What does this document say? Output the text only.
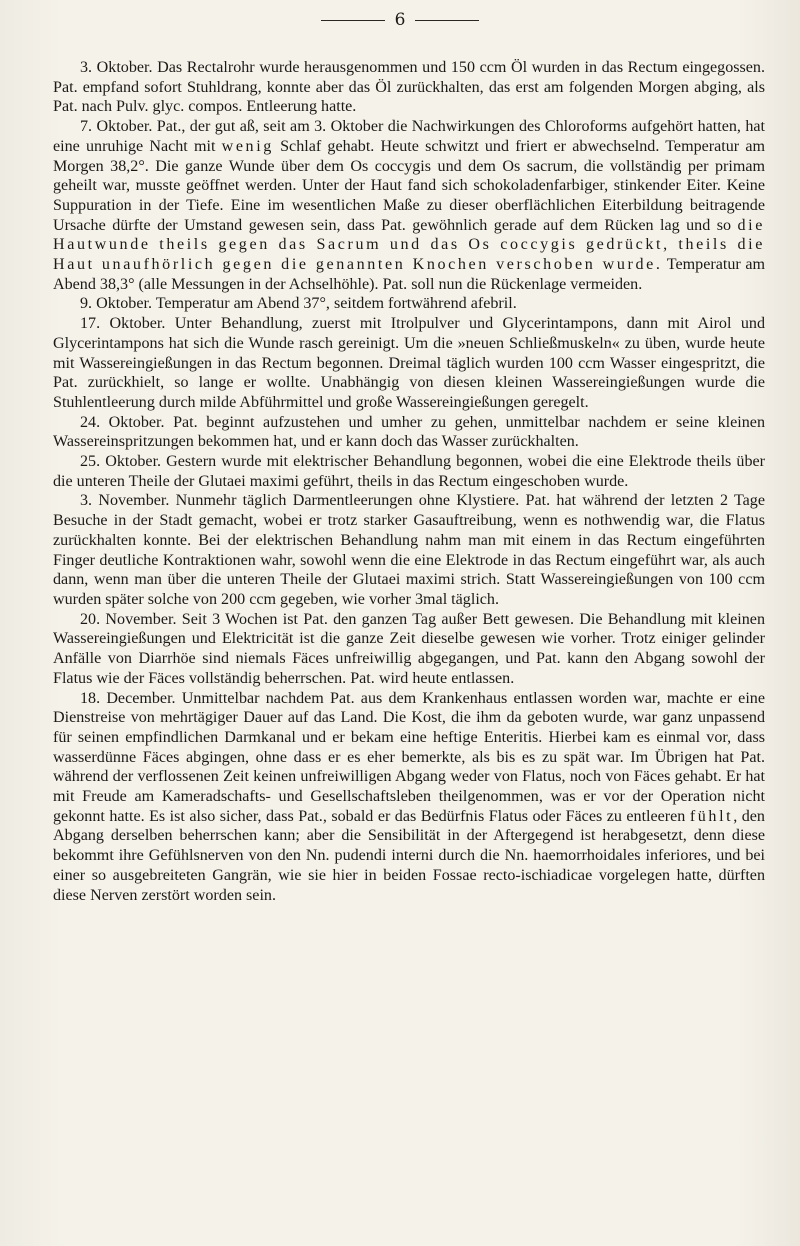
6

3. Oktober. Das Rectalrohr wurde herausgenommen und 150 ccm Öl wurden in das Rectum eingegossen. Pat. empfand sofort Stuhldrang, konnte aber das Öl zurückhalten, das erst am folgenden Morgen abging, als Pat. nach Pulv. glyc. compos. Entleerung hatte.

7. Oktober. Pat., der gut aß, seit am 3. Oktober die Nachwirkungen des Chloroforms aufgehört hatten, hat eine unruhige Nacht mit wenig Schlaf gehabt. Heute schwitzt und friert er abwechselnd. Temperatur am Morgen 38,2°. Die ganze Wunde über dem Os coccygis und dem Os sacrum, die vollständig per primam geheilt war, musste geöffnet werden. Unter der Haut fand sich schokoladenfarbiger, stinkender Eiter. Keine Suppuration in der Tiefe. Eine im wesentlichen Maße zu dieser oberflächlichen Eiterbildung beitragende Ursache dürfte der Umstand gewesen sein, dass Pat. gewöhnlich gerade auf dem Rücken lag und so die Hautwunde theils gegen das Sacrum und das Os coccygis gedrückt, theils die Haut unaufhörlich gegen die genannten Knochen verschoben wurde. Temperatur am Abend 38,3° (alle Messungen in der Achselhöhle). Pat. soll nun die Rückenlage vermeiden.

9. Oktober. Temperatur am Abend 37°, seitdem fortwährend afebril.

17. Oktober. Unter Behandlung, zuerst mit Itrolpulver und Glycerintampons, dann mit Airol und Glycerintampons hat sich die Wunde rasch gereinigt. Um die »neuen Schließmuskeln« zu üben, wurde heute mit Wassereingießungen in das Rectum begonnen. Dreimal täglich wurden 100 ccm Wasser eingespritzt, die Pat. zurückhielt, so lange er wollte. Unabhängig von diesen kleinen Wassereingießungen wurde die Stuhlentleerung durch milde Abführmittel und große Wassereingießungen geregelt.

24. Oktober. Pat. beginnt aufzustehen und umher zu gehen, unmittelbar nachdem er seine kleinen Wassereinspritzungen bekommen hat, und er kann doch das Wasser zurückhalten.

25. Oktober. Gestern wurde mit elektrischer Behandlung begonnen, wobei die eine Elektrode theils über die unteren Theile der Glutaei maximi geführt, theils in das Rectum eingeschoben wurde.

3. November. Nunmehr täglich Darmentleerungen ohne Klystiere. Pat. hat während der letzten 2 Tage Besuche in der Stadt gemacht, wobei er trotz starker Gasauftreibung, wenn es nothwendig war, die Flatus zurückhalten konnte. Bei der elektrischen Behandlung nahm man mit einem in das Rectum eingeführten Finger deutliche Kontraktionen wahr, sowohl wenn die eine Elektrode in das Rectum eingeführt war, als auch dann, wenn man über die unteren Theile der Glutaei maximi strich. Statt Wassereingießungen von 100 ccm wurden später solche von 200 ccm gegeben, wie vorher 3mal täglich.

20. November. Seit 3 Wochen ist Pat. den ganzen Tag außer Bett gewesen. Die Behandlung mit kleinen Wassereingießungen und Elektricität ist die ganze Zeit dieselbe gewesen wie vorher. Trotz einiger gelinder Anfälle von Diarrhöe sind niemals Fäces unfreiwillig abgegangen, und Pat. kann den Abgang sowohl der Flatus wie der Fäces vollständig beherrschen. Pat. wird heute entlassen.

18. December. Unmittelbar nachdem Pat. aus dem Krankenhaus entlassen worden war, machte er eine Dienstreise von mehrtägiger Dauer auf das Land. Die Kost, die ihm da geboten wurde, war ganz unpassend für seinen empfindlichen Darmkanal und er bekam eine heftige Enteritis. Hierbei kam es einmal vor, dass wasserdünne Fäces abgingen, ohne dass er es eher bemerkte, als bis es zu spät war. Im Übrigen hat Pat. während der verflossenen Zeit keinen unfreiwilligen Abgang weder von Flatus, noch von Fäces gehabt. Er hat mit Freude am Kameradschafts- und Gesellschaftsleben theilgenommen, was er vor der Operation nicht gekonnt hatte. Es ist also sicher, dass Pat., sobald er das Bedürfnis Flatus oder Fäces zu entleeren fühlt, den Abgang derselben beherrschen kann; aber die Sensibilität in der Aftergegend ist herabgesetzt, denn diese bekommt ihre Gefühlsnerven von den Nn. pudendi interni durch die Nn. haemorrhoidales inferiores, und bei einer so ausgebreiteten Gangrän, wie sie hier in beiden Fossae recto-ischiadicae vorgelegen hatte, dürften diese Nerven zerstört worden sein.
